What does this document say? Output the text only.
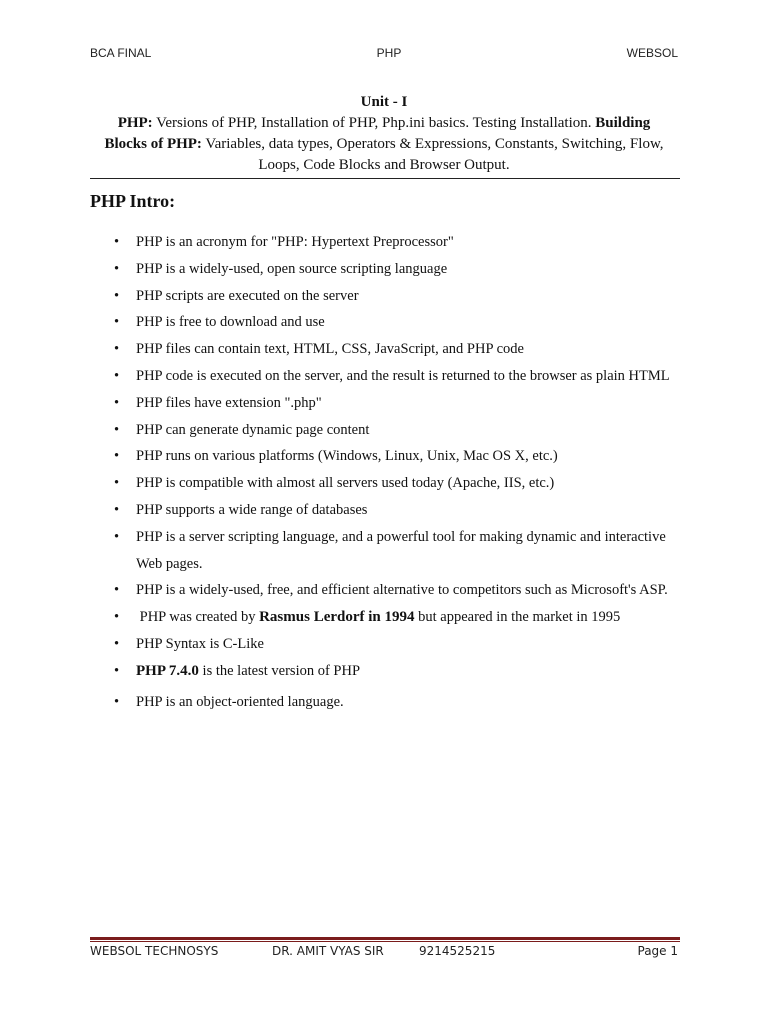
BCA FINAL	PHP	WEBSOL
Unit - I
PHP: Versions of PHP, Installation of PHP, Php.ini basics. Testing Installation. Building
Blocks of PHP: Variables, data types, Operators & Expressions, Constants, Switching, Flow,
Loops, Code Blocks and Browser Output.
PHP Intro:
• PHP is an acronym for "PHP: Hypertext Preprocessor"
• PHP is a widely-used, open source scripting language
• PHP scripts are executed on the server
• PHP is free to download and use
• PHP files can contain text, HTML, CSS, JavaScript, and PHP code
• PHP code is executed on the server, and the result is returned to the browser as plain HTML
• PHP files have extension ".php"
• PHP can generate dynamic page content
• PHP runs on various platforms (Windows, Linux, Unix, Mac OS X, etc.)
• PHP is compatible with almost all servers used today (Apache, IIS, etc.)
• PHP supports a wide range of databases
• PHP is a server scripting language, and a powerful tool for making dynamic and interactive Web pages.
• PHP is a widely-used, free, and efficient alternative to competitors such as Microsoft's ASP.
• PHP was created by Rasmus Lerdorf in 1994 but appeared in the market in 1995
• PHP Syntax is C-Like
• PHP 7.4.0 is the latest version of PHP
• PHP is an object-oriented language.
WEBSOL TECHNOSYS	DR. AMIT VYAS SIR	9214525215	Page 1
